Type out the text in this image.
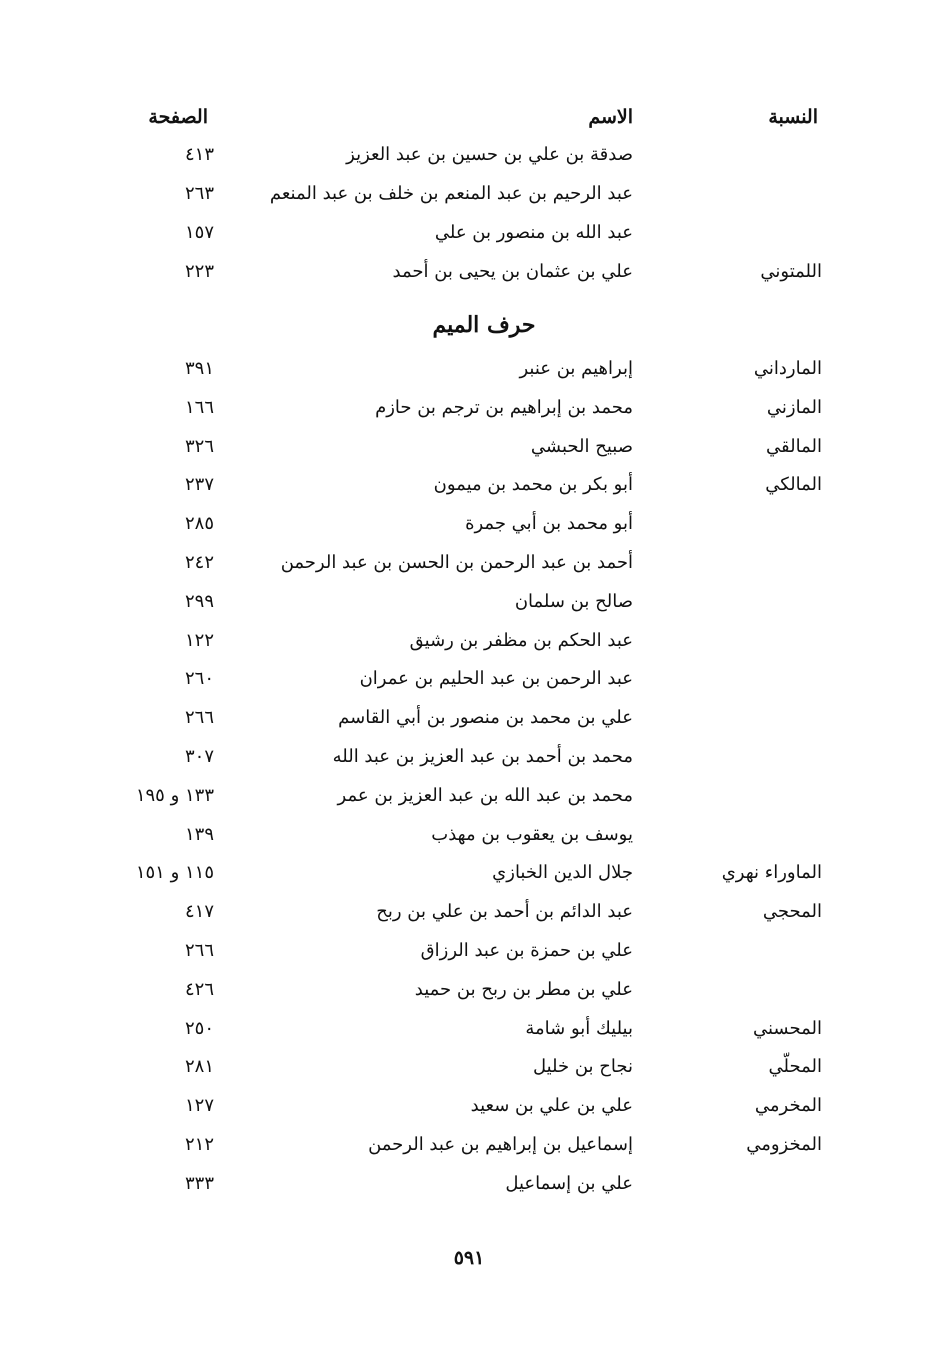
النسبة
الاسم
الصفحة
صدقة بن علي بن حسين بن عبد العزيز
٤١٣
عبد الرحيم بن عبد المنعم بن خلف بن عبد المنعم
٢٦٣
عبد الله بن منصور بن علي
١٥٧
اللمتوني
علي بن عثمان بن يحيى بن أحمد
٢٢٣
حرف الميم
المارداني
إبراهيم بن عنبر
٣٩١
المازني
محمد بن إبراهيم بن ترجم بن حازم
١٦٦
المالقي
صبيح الحبشي
٣٢٦
المالكي
أبو بكر بن محمد بن ميمون
٢٣٧
أبو محمد بن أبي جمرة
٢٨٥
أحمد بن عبد الرحمن بن الحسن بن عبد الرحمن
٢٤٢
صالح بن سلمان
٢٩٩
عبد الحكم بن مظفر بن رشيق
١٢٢
عبد الرحمن بن عبد الحليم بن عمران
٢٦٠
علي بن محمد بن منصور بن أبي القاسم
٢٦٦
محمد بن أحمد بن عبد العزيز بن عبد الله
٣٠٧
محمد بن عبد الله بن عبد العزيز بن عمر
١٣٣ و ١٩٥
يوسف بن يعقوب بن مهذب
١٣٩
الماوراء نهري
جلال الدين الخبازي
١١٥ و ١٥١
المحجي
عبد الدائم بن أحمد بن علي بن ربح
٤١٧
علي بن حمزة بن عبد الرزاق
٢٦٦
علي بن مطر بن ربح بن حميد
٤٢٦
المحسني
بيليك أبو شامة
٢٥٠
المحلّي
نجاح بن خليل
٢٨١
المخرمي
علي بن علي بن سعيد
١٢٧
المخزومي
إسماعيل بن إبراهيم بن عبد الرحمن
٢١٢
علي بن إسماعيل
٣٣٣
٥٩١
